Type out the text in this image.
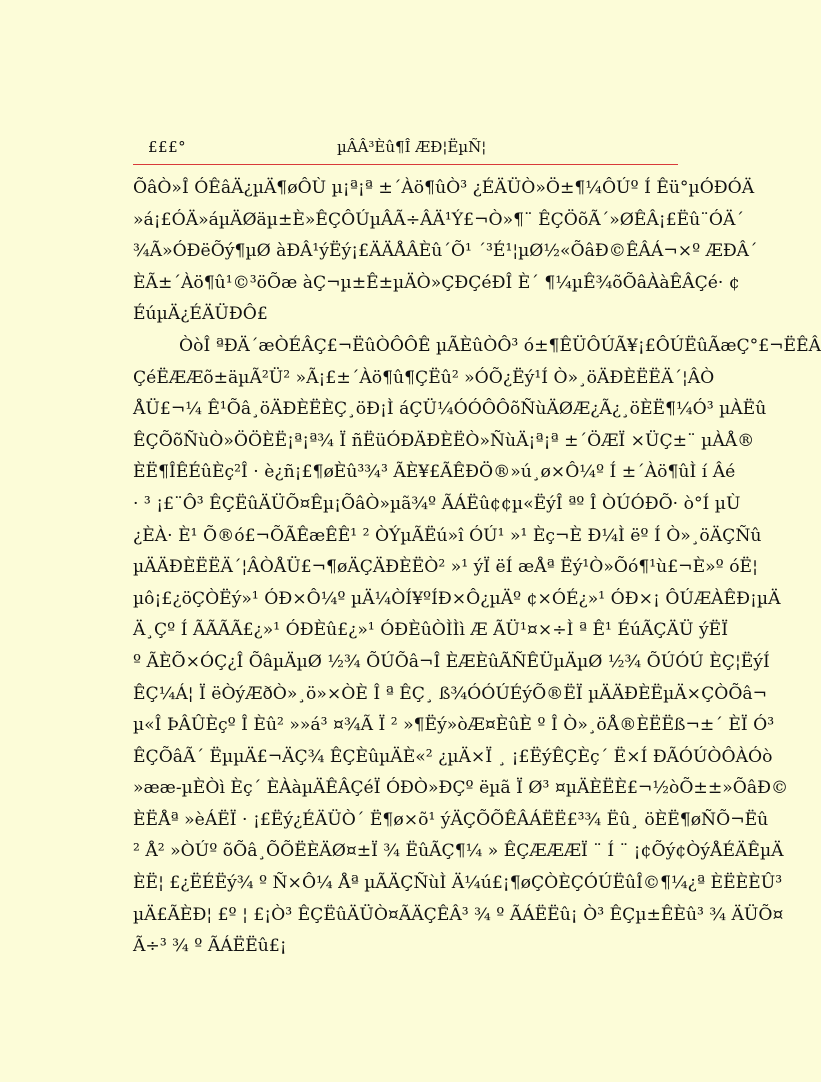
£££°	µÂÂ³Èû¶Î ÆÐ¦ËµÑ¦
ÕâÒ»Î ÓÊâÄ¿µÄ¶øÔÙ µ¡ª¡ª ±´Àö¶ûÒ³ ¿ÉÄÜÒ»Ö±¶¼ÔÚº Í Êü°µÓÐÓÄ
»á¡£ÓÄ»áµÄØäµ±È»ÊÇÔÚµÂÃ÷ÂÄ¹Ý£¬Ò»¶¨ ÊÇÖõÃ´»ØÊÂ¡£Ëû¨ÓÄ´
¾Ã»ÓÐëÕý¶µØ àÐÂ¹ýËý¡£ÄÄÅÂÈû´Õ¹ ´³É¹¦µØ½«ÕâÐ©ÊÂÁ¬×º ÆÐÂ´
ÈÃ±´Àö¶û¹©³öÕæ àÇ¬µ±Ê±µÄÒ»ÇÐÇéÐÎ È´ ¶¼µÊ¾õÕâÀàÊÂÇé· ¢
ÉúµÄ¿ÉÄÜÐÔ£
ÒòÎ ªÐÄ´æÒÉÂÇ£¬ËûÒÔÔÊ µÃÈûÒÔ³ ó±¶ÊÜÔÚÃ¥¡£ÔÚËûÃæÇ°£¬ËÊÂ
ÇéËÆÆõ±äµÃ²Ü² »Ã¡£±´Àö¶û¶ÇËû² »ÓÕ¿Ëý¹Í Ò»¸öÄÐÈËËÄ´¦ÂÒ
ÅÜ£¬¼ Ê¹Õâ¸öÄÐÈËÈÇ¸öÐ¡Ì áÇÜ¼ÓÓÔÔõÑùÄØÆ¿Ã¿¸öÈË¶¼Ó³ µÀËû
ÊÇÕõÑùÒ»ÖÖÈË¡ª¡ª¾ Ï ñËüÓÐÄÐÈËÒ»ÑùÄ¡ª¡ª ±´ÖÆÏ ×ÜÇ±¨ µÀÅ®
ÈË¶ÎÊÉûÈç²Î · è¿ñ¡£¶øÈû³¾³ ÃÈ¥£ÃÊÐÖ®»ú¸ø×Ô¼º Í ±´Àö¶ûÌ í Âé
· ³ ¡£¨Ô³ ÊÇËûÄÜÕ¤Êµ¡ÕâÒ»µã¾º ÃÁËû¢¢µ«ËýÎ ªº Î ÒÚÓÐÕ· ò°Í µÙ
¿ÈÀ· È¹ Õ®ó£¬ÕÃÊæÊÊ¹ ² ÒÝµÃËú»î ÓÚ¹ »¹ Èç¬È Ð¼Ì ëº Í Ò»¸öÄÇÑû
µÄÄÐÈËËÄ´¦ÂÒÅÜ£¬¶øÄÇÄÐÈËÒ² »¹ ýÏ ëÍ æÅª Ëý¹Ò»Õó¶¹ù£¬È»º óË¦
µô¡£¿öÇÒËý»¹ ÓÐ×Ô¼º µÄ¼ÒÍ¥ºÍÐ×Ô¿µÄº ¢×ÓÉ¿»¹ ÓÐ×¡ ÔÚÆÀÊÐ¡µÄ
Ä¸Çº Í ÃÃÃÃ£¿»¹ ÓÐÈû£¿»¹ ÓÐÈûÒÌÌì Æ ÃÜ¹¤×÷Ì ª Ê¹ ÉúÃÇÄÜ ýËÏ
º ÃÈÕ×ÓÇ¿Î ÕâµÄµØ ½¾ ÕÚÕâ¬Î ÈÆÈûÃÑÊÜµÄµØ ½¾ ÕÚÓÚ ÈÇ¦ËýÍ
ÊÇ¼Á¦ Ï ëÒýÆðÒ»¸ö»×ÒÈ Î ª ÊÇ¸ ß¾ÓÓÚÉýÕ®ËÏ µÄÄÐÈËµÄ×ÇÒÕâ¬
µ«Î ÞÂÛÈçº Î Èû² »»á³ ¤¾Ã Ï ² »¶Ëý»òÆ¤ÈûÈ º Î Ò»¸öÅ®ÈËËß¬±´ ÈÏ Ó³
ÊÇÕâÃ´ ËµµÄ£¬ÄÇ¾ ÊÇÈûµÄÈ«² ¿µÄ×Ï ¸ ¡£ËýÊÇÈç´ Ë×Í ÐÃÓÚÒÔÀÓò
»ææ-µÈÒì Èç´ ÈÀàµÄÊÂÇéÏ ÓÐÒ»ÐÇº ëµã Ï Ø³ ¤µÄÈËÈ£¬½òÕ±±»ÕâÐ©
ÈËÅª »èÁËÏ · ¡£Ëý¿ÉÄÜÒ´ Ë¶ø×õ¹ ýÄÇÕÕÊÂÁËË£³¾ Ëû¸ öÈË¶øÑÕ¬Ëû
² Å² »ÒÚº õÕâ¸ÕÕËÈÄØ¤±Ï ¾ ËûÃÇ¶¼ » ÊÇÆÆÆÏ ¨ Í ¨ ¡¢Õý¢ÒýÅÉÄÊµÄ
ÈË¦ £¿ËÉËý¾ º Ñ×Ô¼ Åª µÃÄÇÑùÌ Ä¼ú£¡¶øÇÒÈÇÓÚËûÎ©¶¼¿ª ÈËÈÈÛ³
µÄ£ÃÈÐ¦ £º ¦ £¡Ò³ ÊÇËûÄÜÒ¤ÃÄÇÊÂ³ ¾ º ÃÁËËû¡ Ò³ ÊÇµ±ÊÈû³ ¾ ÄÜÕ¤
Ã÷³ ¾ º ÃÁËËû£¡
